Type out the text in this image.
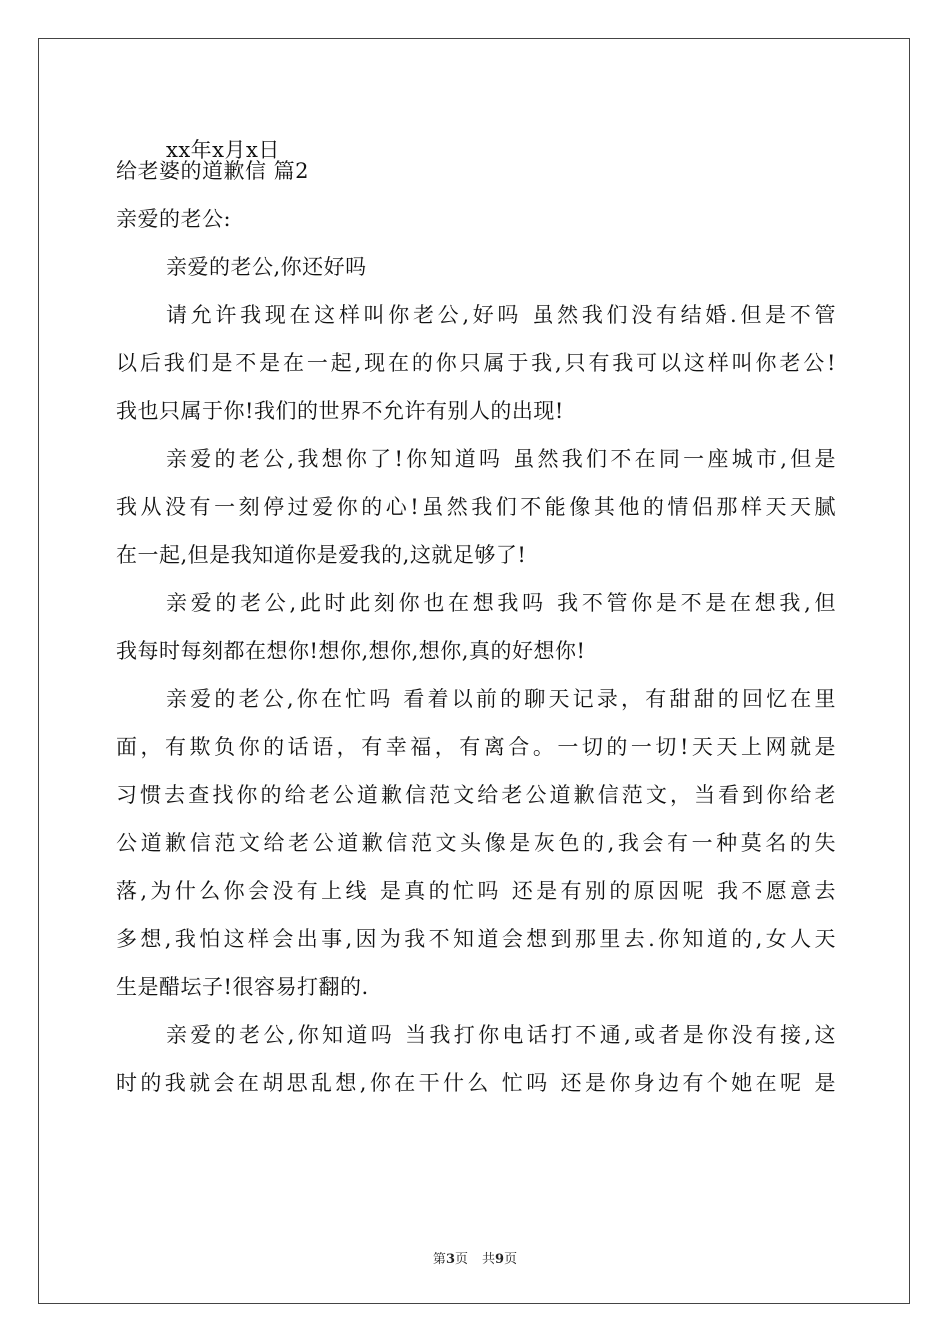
xx年x月x日

给老婆的道歉信 篇2

亲爱的老公:

亲爱的老公,你还好吗

请允许我现在这样叫你老公,好吗 虽然我们没有结婚.但是不管

以后我们是不是在一起,现在的你只属于我,只有我可以这样叫你老公!

我也只属于你!我们的世界不允许有别人的出现!

亲爱的老公,我想你了!你知道吗 虽然我们不在同一座城市,但是

我从没有一刻停过爱你的心!虽然我们不能像其他的情侣那样天天腻

在一起,但是我知道你是爱我的,这就足够了!

亲爱的老公,此时此刻你也在想我吗 我不管你是不是在想我,但

我每时每刻都在想你!想你,想你,想你,真的好想你!

亲爱的老公,你在忙吗 看着以前的聊天记录，有甜甜的回忆在里

面，有欺负你的话语，有幸福，有离合。一切的一切!天天上网就是

习惯去查找你的给老公道歉信范文给老公道歉信范文，当看到你给老

公道歉信范文给老公道歉信范文头像是灰色的,我会有一种莫名的失

落,为什么你会没有上线 是真的忙吗 还是有别的原因呢 我不愿意去

多想,我怕这样会出事,因为我不知道会想到那里去.你知道的,女人天

生是醋坛子!很容易打翻的.

亲爱的老公,你知道吗 当我打你电话打不通,或者是你没有接,这

时的我就会在胡思乱想,你在干什么 忙吗 还是你身边有个她在呢 是

第3页 共9页
